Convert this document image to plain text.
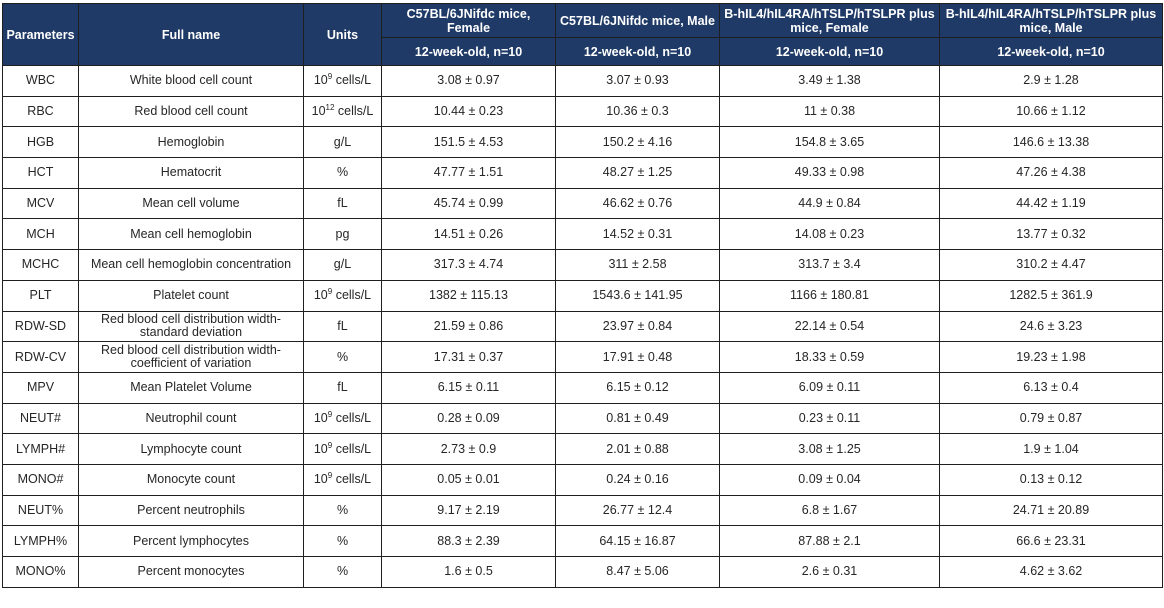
Parameters	Full name	Units	C57BL/6JNifdc mice, Female	C57BL/6JNifdc mice, Male	B-hIL4/hIL4RA/hTSLP/hTSLPR plus mice, Female	B-hIL4/hIL4RA/hTSLP/hTSLPR plus mice, Male
			12-week-old, n=10	12-week-old, n=10	12-week-old, n=10	12-week-old, n=10
WBC	White blood cell count	$10^9$ cells/L	3.08 ± 0.97	3.07 ± 0.93	3.49 ± 1.38	2.9 ± 1.28
RBC	Red blood cell count	$10^{12}$ cells/L	10.44 ± 0.23	10.36 ± 0.3	11 ± 0.38	10.66 ± 1.12
HGB	Hemoglobin	g/L	151.5 ± 4.53	150.2 ± 4.16	154.8 ± 3.65	146.6 ± 13.38
HCT	Hematocrit	%	47.77 ± 1.51	48.27 ± 1.25	49.33 ± 0.98	47.26 ± 4.38
MCV	Mean cell volume	fL	45.74 ± 0.99	46.62 ± 0.76	44.9 ± 0.84	44.42 ± 1.19
MCH	Mean cell hemoglobin	pg	14.51 ± 0.26	14.52 ± 0.31	14.08 ± 0.23	13.77 ± 0.32
MCHC	Mean cell hemoglobin concentration	g/L	317.3 ± 4.74	311 ± 2.58	313.7 ± 3.4	310.2 ± 4.47
PLT	Platelet count	$10^9$ cells/L	1382 ± 115.13	1543.6 ± 141.95	1166 ± 180.81	1282.5 ± 361.9
RDW-SD	Red blood cell distribution width-standard deviation	fL	21.59 ± 0.86	23.97 ± 0.84	22.14 ± 0.54	24.6 ± 3.23
RDW-CV	Red blood cell distribution width-coefficient of variation	%	17.31 ± 0.37	17.91 ± 0.48	18.33 ± 0.59	19.23 ± 1.98
MPV	Mean Platelet Volume	fL	6.15 ± 0.11	6.15 ± 0.12	6.09 ± 0.11	6.13 ± 0.4
NEUT#	Neutrophil count	$10^9$ cells/L	0.28 ± 0.09	0.81 ± 0.49	0.23 ± 0.11	0.79 ± 0.87
LYMPH#	Lymphocyte count	$10^9$ cells/L	2.73 ± 0.9	2.01 ± 0.88	3.08 ± 1.25	1.9 ± 1.04
MONO#	Monocyte count	$10^9$ cells/L	0.05 ± 0.01	0.24 ± 0.16	0.09 ± 0.04	0.13 ± 0.12
NEUT%	Percent neutrophils	%	9.17 ± 2.19	26.77 ± 12.4	6.8 ± 1.67	24.71 ± 20.89
LYMPH%	Percent lymphocytes	%	88.3 ± 2.39	64.15 ± 16.87	87.88 ± 2.1	66.6 ± 23.31
MONO%	Percent monocytes	%	1.6 ± 0.5	8.47 ± 5.06	2.6 ± 0.31	4.62 ± 3.62
